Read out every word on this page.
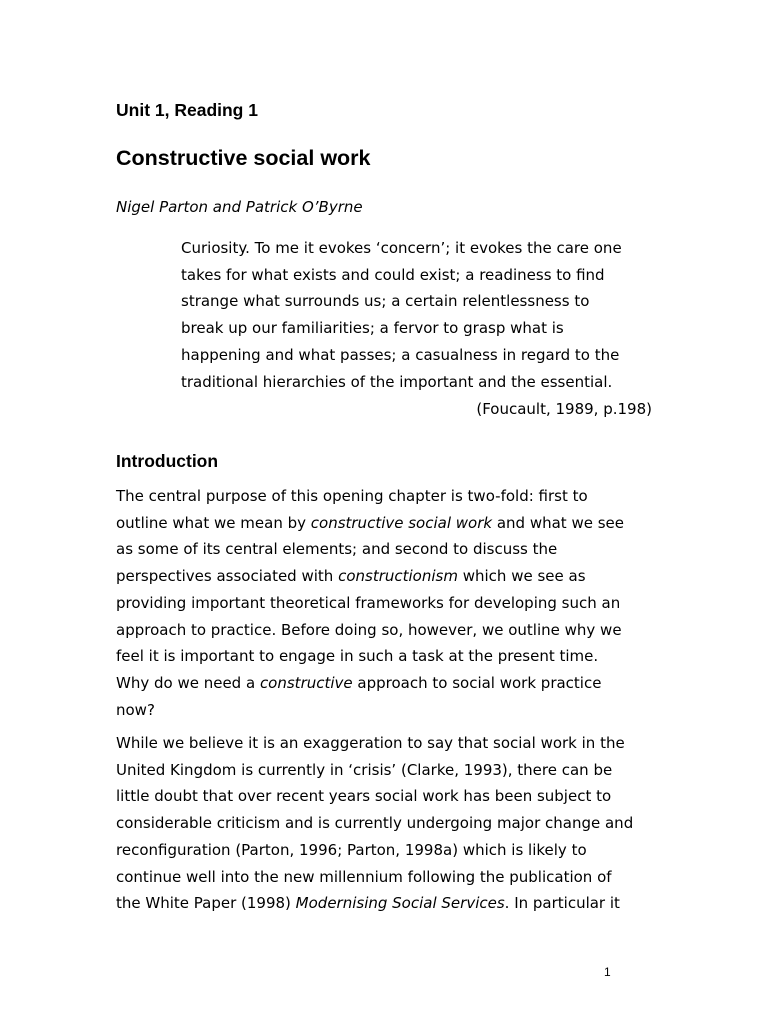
Unit 1, Reading 1
Constructive social work

Nigel Parton and Patrick O’Byrne

Curiosity. To me it evokes ‘concern’; it evokes the care one
takes for what exists and could exist; a readiness to find
strange what surrounds us; a certain relentlessness to
break up our familiarities; a fervor to grasp what is
happening and what passes; a casualness in regard to the
traditional hierarchies of the important and the essential.

(Foucault, 1989, p.198)

Introduction

The central purpose of this opening chapter is two-fold: first to
outline what we mean by constructive social work and what we see
as some of its central elements; and second to discuss the
perspectives associated with constructionism which we see as
providing important theoretical frameworks for developing such an
approach to practice. Before doing so, however, we outline why we
feel it is important to engage in such a task at the present time.
Why do we need a constructive approach to social work practice
now?

While we believe it is an exaggeration to say that social work in the
United Kingdom is currently in ‘crisis’ (Clarke, 1993), there can be
little doubt that over recent years social work has been subject to
considerable criticism and is currently undergoing major change and
reconfiguration (Parton, 1996; Parton, 1998a) which is likely to
continue well into the new millennium following the publication of
the White Paper (1998) Modernising Social Services. In particular it

1
